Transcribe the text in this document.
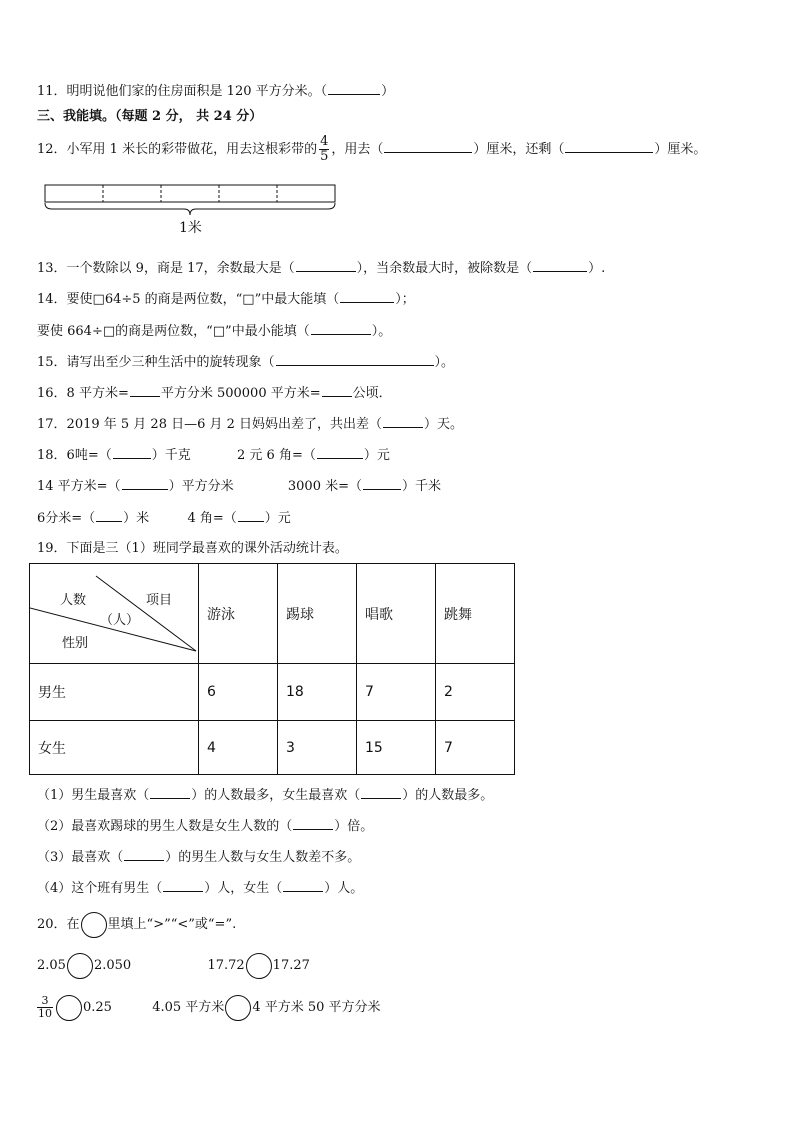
11．明明说他们家的住房面积是 120 平方分米。（	）
三、我能填。（每题 2 分， 共 24 分）
12．小军用 1 米长的彩带做花，用去这根彩带的 $\frac{4}{5}$ ，用去（	）厘米，还剩（	）厘米。
1米
13．一个数除以 9，商是 17，余数最大是（	），当余数最大时，被除数是（	）.
14．要使□64÷5 的商是两位数，“□”中最大能填（	）；
要使 664÷□的商是两位数，“□”中最小能填（	）。
15．请写出至少三种生活中的旋转现象（	）。
16．8 平方米= 平方分米 500000 平方米= 公顷．
17．2019 年 5 月 28 日—6 月 2 日妈妈出差了，共出差（	）天。
18．6吨=（	）千克	2 元 6 角=（	）元
14 平方米=（	）平方分米	3000 米=（	）千米
6分米=（ ）米	4 角=（ ）元
19．下面是三（1）班同学最喜欢的课外活动统计表。
人数 项目
（人）
性别	游泳	踢球	唱歌	跳舞
男生	6	18	7	2
女生	4	3	15	7
（1）男生最喜欢（	）的人数最多，女生最喜欢（	）的人数最多。
（2）最喜欢踢球的男生人数是女生人数的（	）倍。
（3）最喜欢（	）的男生人数与女生人数差不多。
（4）这个班有男生（	）人，女生（	）人。
20．在 里填上“>”“<”或“=”.
2.05 2.050	17.72 17.27
$\frac{3}{10} 0.25$	4.05 平方米 4 平方米 50 平方分米
